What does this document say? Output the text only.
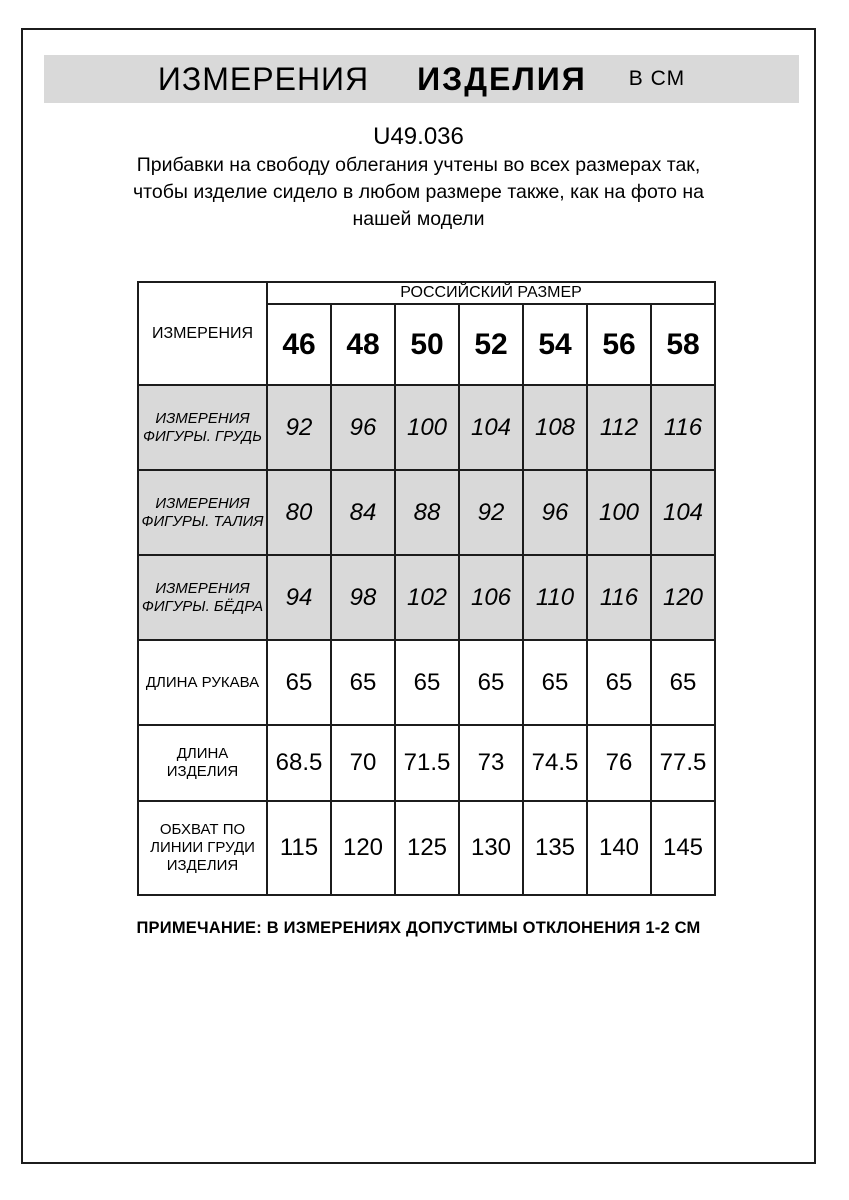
ИЗМЕРЕНИЯ ИЗДЕЛИЯ В СМ
U49.036
Прибавки на свободу облегания учтены во всех размерах так,
чтобы изделие сидело в любом размере также, как на фото на
нашей модели
ИЗМЕРЕНИЯ	РОССИЙСКИЙ РАЗМЕР						
	46	48	50	52	54	56	58
ИЗМЕРЕНИЯ ФИГУРЫ. ГРУДЬ	92	96	100	104	108	112	116
ИЗМЕРЕНИЯ ФИГУРЫ. ТАЛИЯ	80	84	88	92	96	100	104
ИЗМЕРЕНИЯ ФИГУРЫ. БЁДРА	94	98	102	106	110	116	120
ДЛИНА РУКАВА	65	65	65	65	65	65	65
ДЛИНА ИЗДЕЛИЯ	68.5	70	71.5	73	74.5	76	77.5
ОБХВАТ ПО ЛИНИИ ГРУДИ ИЗДЕЛИЯ	115	120	125	130	135	140	145
ПРИМЕЧАНИЕ: В ИЗМЕРЕНИЯХ ДОПУСТИМЫ ОТКЛОНЕНИЯ 1-2 СМ
